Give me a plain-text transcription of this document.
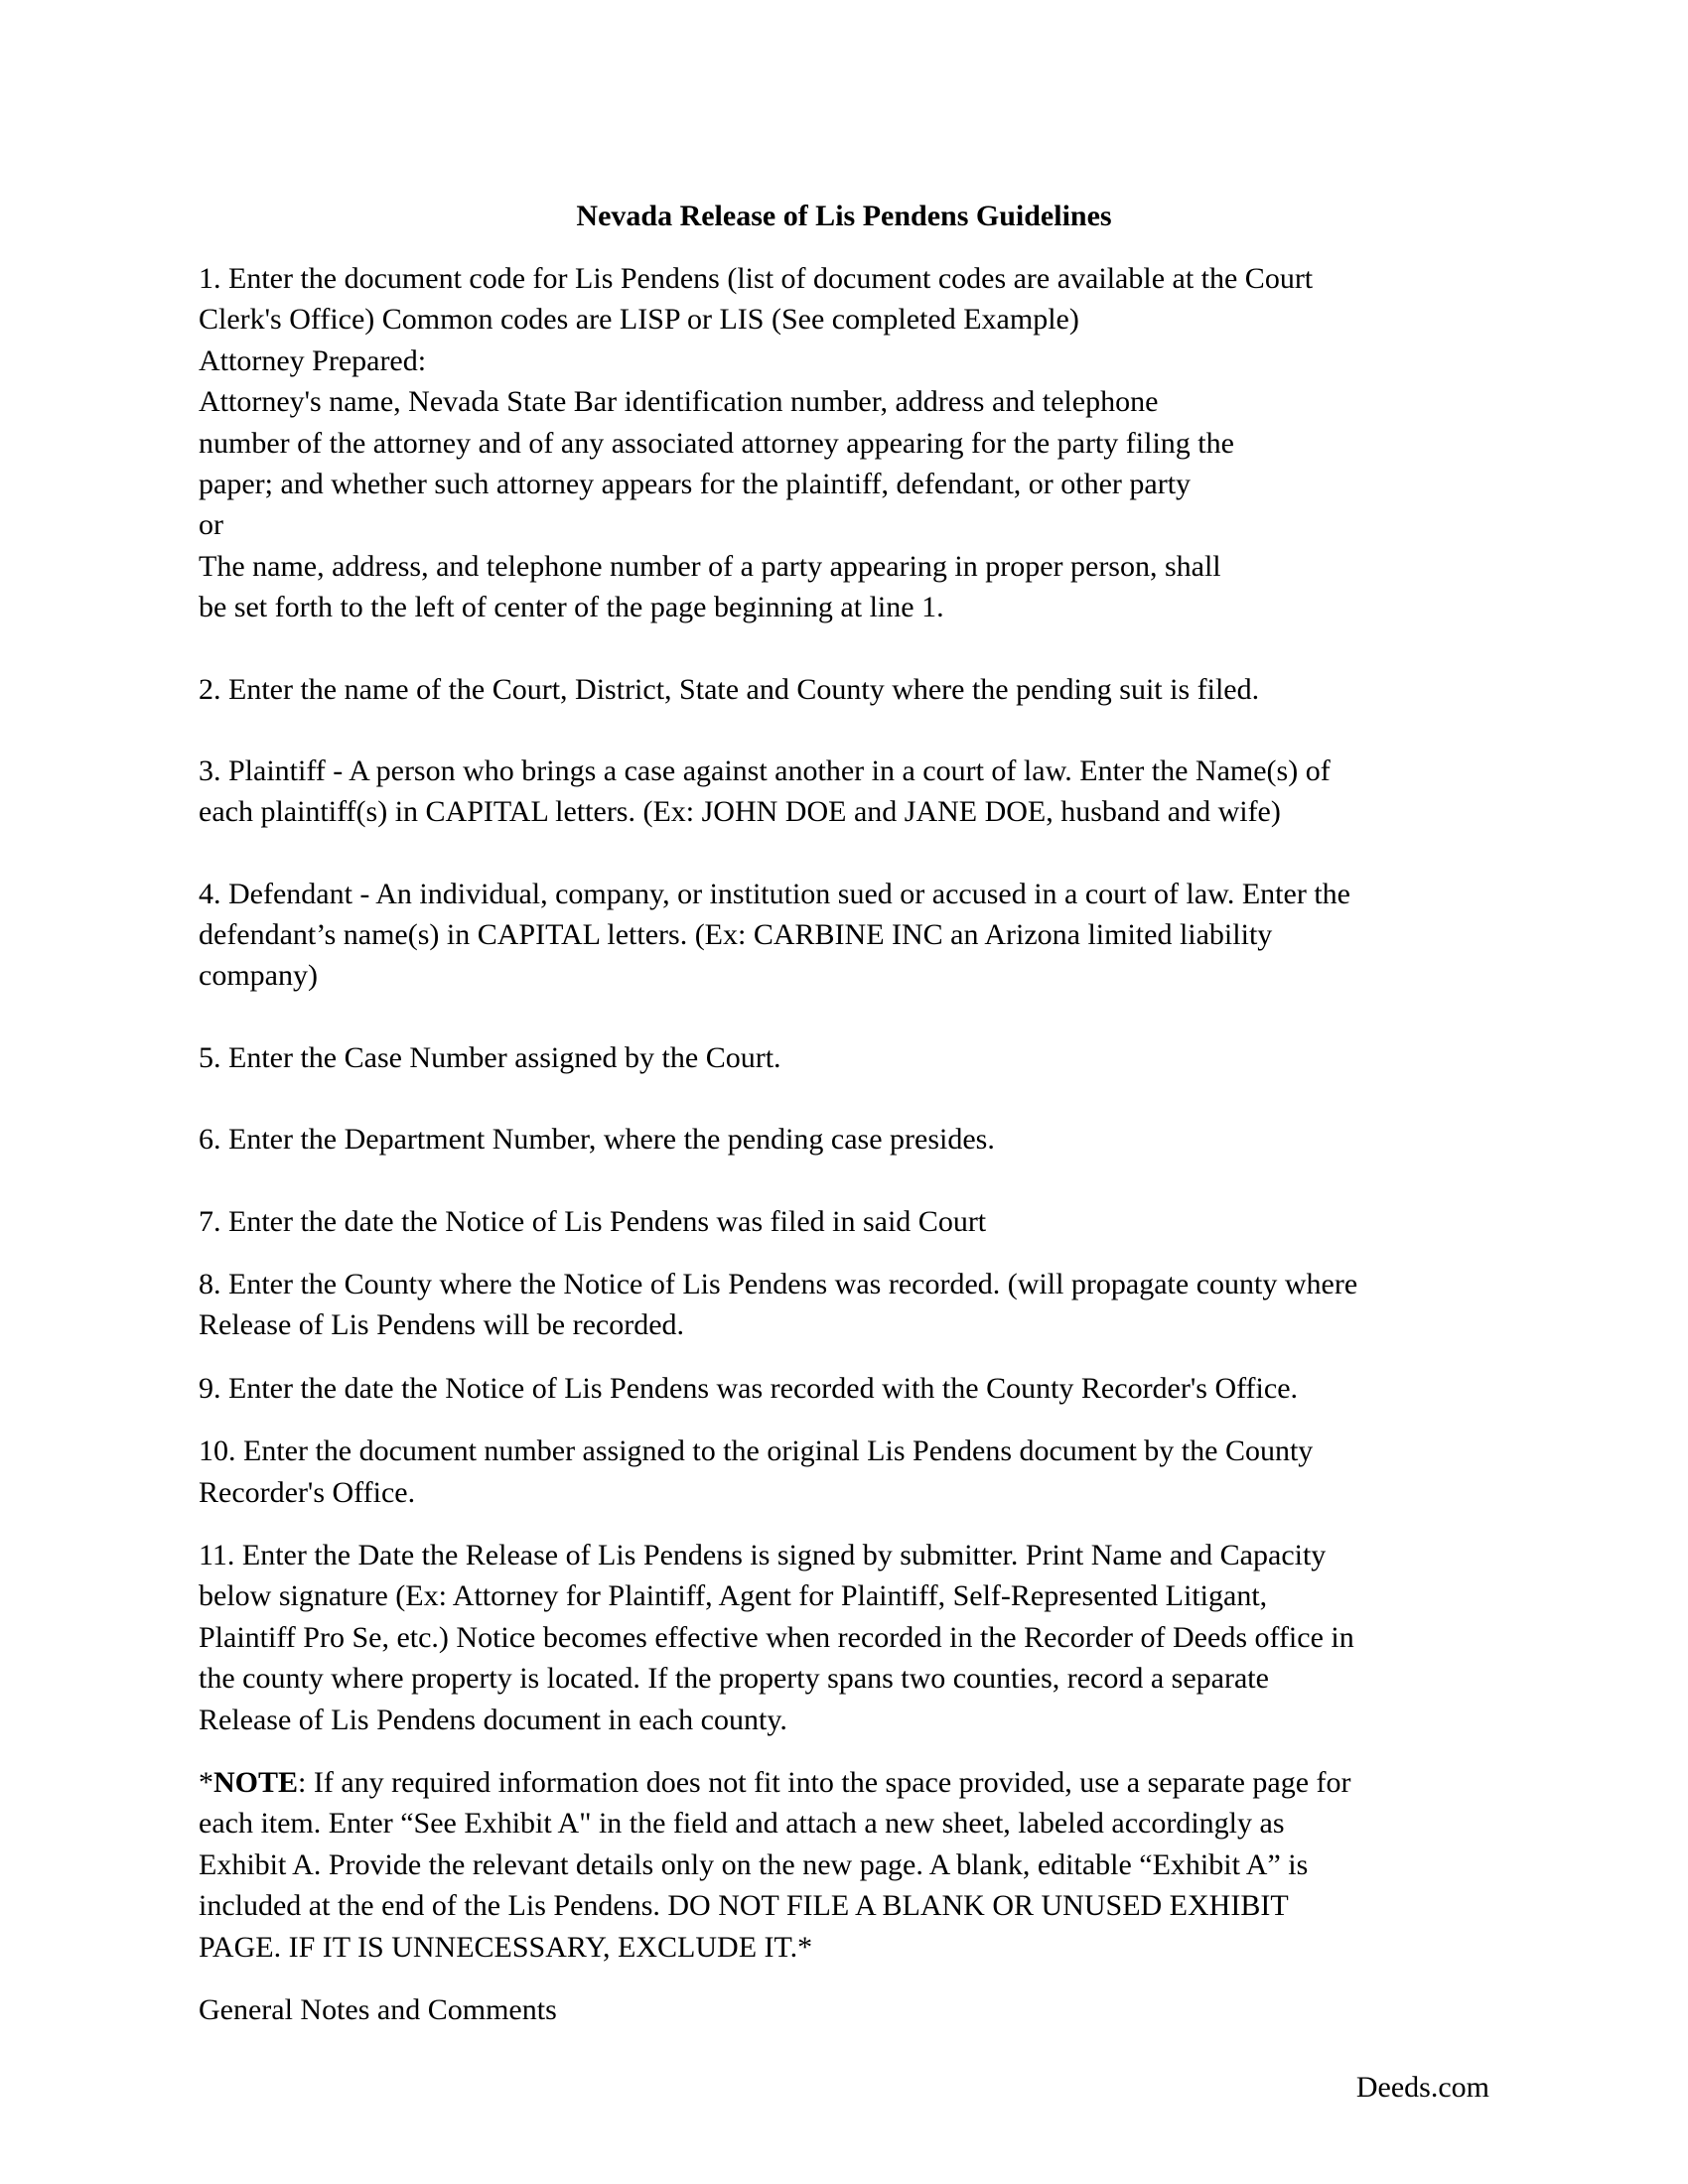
Nevada Release of Lis Pendens Guidelines
1. Enter the document code for Lis Pendens (list of document codes are available at the Court
Clerk's Office) Common codes are LISP or LIS (See completed Example)
Attorney Prepared:
Attorney's name, Nevada State Bar identification number, address and telephone
number of the attorney and of any associated attorney appearing for the party filing the
paper; and whether such attorney appears for the plaintiff, defendant, or other party
or
The name, address, and telephone number of a party appearing in proper person, shall
be set forth to the left of center of the page beginning at line 1.
2. Enter the name of the Court, District, State and County where the pending suit is filed.
3. Plaintiff - A person who brings a case against another in a court of law. Enter the Name(s) of
each plaintiff(s) in CAPITAL letters. (Ex: JOHN DOE and JANE DOE, husband and wife)
4. Defendant - An individual, company, or institution sued or accused in a court of law. Enter the
defendant’s name(s) in CAPITAL letters. (Ex: CARBINE INC an Arizona limited liability
company)
5. Enter the Case Number assigned by the Court.
6. Enter the Department Number, where the pending case presides.
7. Enter the date the Notice of Lis Pendens was filed in said Court
8. Enter the County where the Notice of Lis Pendens was recorded. (will propagate county where
Release of Lis Pendens will be recorded.
9. Enter the date the Notice of Lis Pendens was recorded with the County Recorder's Office.
10. Enter the document number assigned to the original Lis Pendens document by the County
Recorder's Office.
11. Enter the Date the Release of Lis Pendens is signed by submitter. Print Name and Capacity
below signature (Ex: Attorney for Plaintiff, Agent for Plaintiff, Self-Represented Litigant,
Plaintiff Pro Se, etc.) Notice becomes effective when recorded in the Recorder of Deeds office in
the county where property is located. If the property spans two counties, record a separate
Release of Lis Pendens document in each county.
*NOTE: If any required information does not fit into the space provided, use a separate page for
each item. Enter “See Exhibit A" in the field and attach a new sheet, labeled accordingly as
Exhibit A. Provide the relevant details only on the new page. A blank, editable “Exhibit A” is
included at the end of the Lis Pendens. DO NOT FILE A BLANK OR UNUSED EXHIBIT
PAGE. IF IT IS UNNECESSARY, EXCLUDE IT.*
General Notes and Comments
Deeds.com
